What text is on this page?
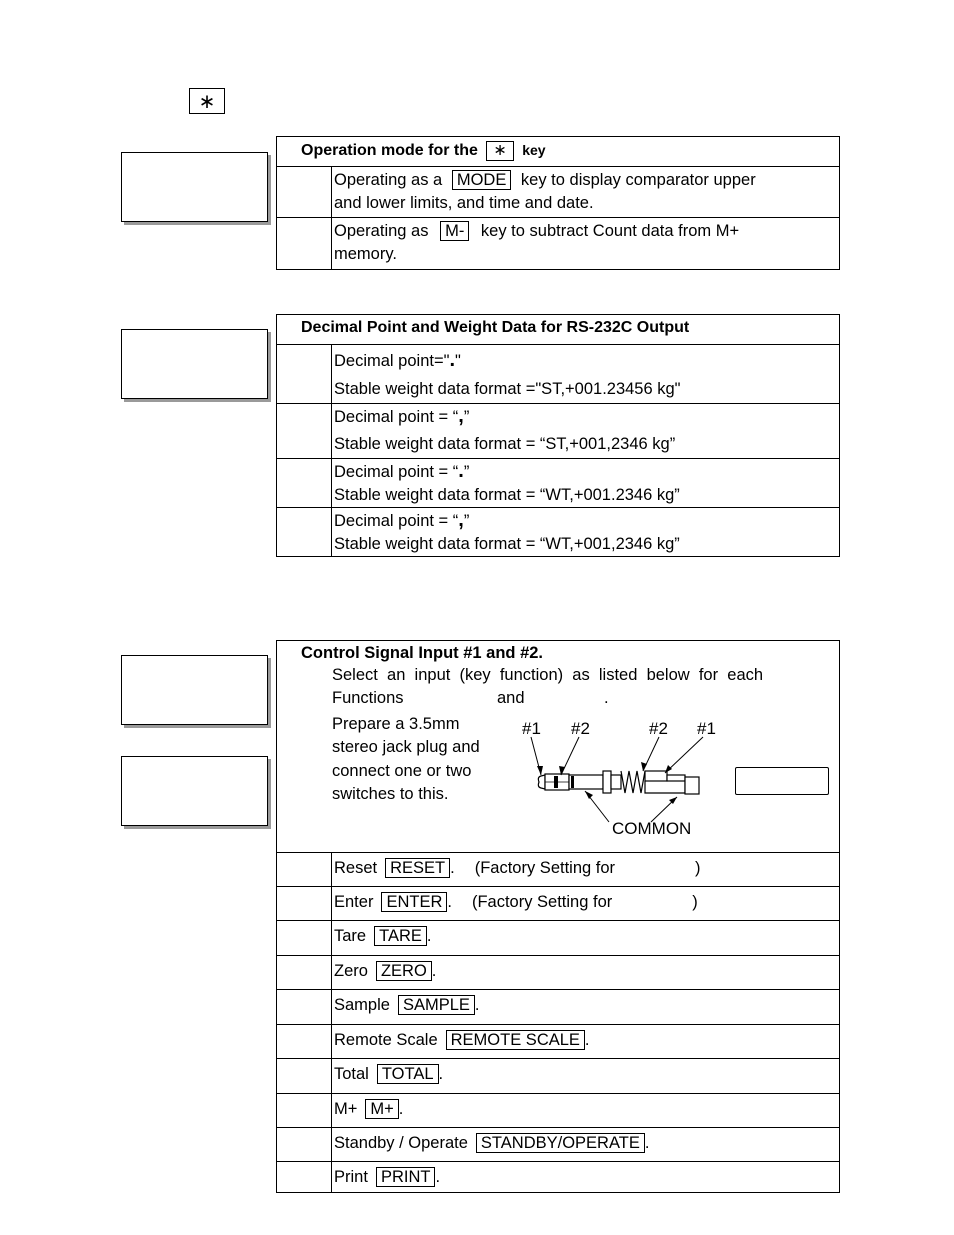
∗
Operation mode for the ∗ key	
	Operating as a MODE key to display comparator upper
and lower limits, and time and date.
	Operating as M- key to subtract Count data from M+
memory.
Decimal Point and Weight Data for RS-232C Output	
	Decimal point="."
Stable weight data format ="ST,+001.23456 kg"
	Decimal point = “,”
Stable weight data format = “ST,+001,2346 kg”
	Decimal point = “.”
Stable weight data format = “WT,+001.2346 kg”
	Decimal point = “,”
Stable weight data format = “WT,+001,2346 kg”
Control Signal Input #1 and #2.
Select  an  input  (key  function)  as  listed  below  for  each
Functions	and	.
Prepare a 3.5mm
stereo jack plug and
connect one or two
switches to this.
#1 #2	#2 #1
COMMON
Reset RESET . (Factory Setting for	)
Enter ENTER . (Factory Setting for	)
Tare TARE .
Zero ZERO .
Sample SAMPLE .
Remote Scale REMOTE SCALE .
Total TOTAL .
M+ M+ .
Standby / Operate STANDBY/OPERATE .
Print PRINT .
